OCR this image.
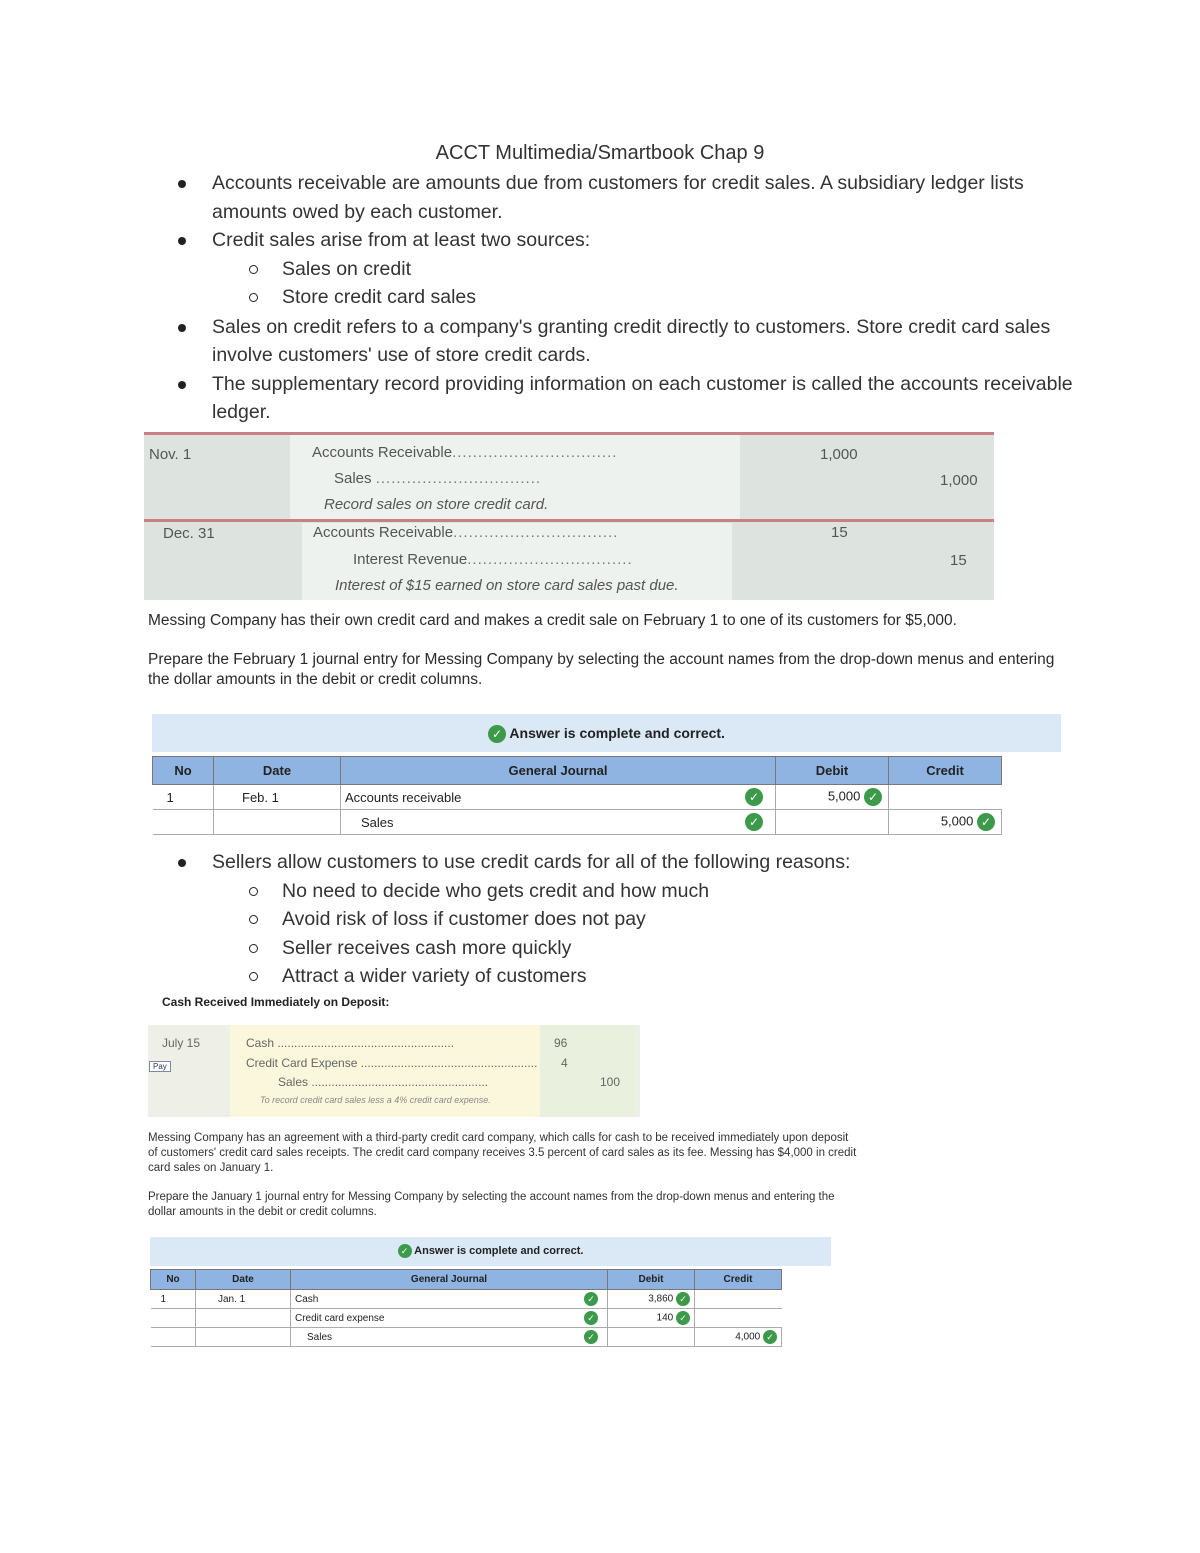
ACCT Multimedia/Smartbook Chap 9
Accounts receivable are amounts due from customers for credit sales. A subsidiary ledger lists amounts owed by each customer.
Credit sales arise from at least two sources:
Sales on credit
Store credit card sales
Sales on credit refers to a company's granting credit directly to customers. Store credit card sales involve customers' use of store credit cards.
The supplementary record providing information on each customer is called the accounts receivable ledger.
Nov. 1	Accounts Receivable................................	1,000
Sales ................................	1,000
Record sales on store credit card.
Dec. 31	Accounts Receivable................................	15
Interest Revenue................................	15
Interest of $15 earned on store card sales past due.
Messing Company has their own credit card and makes a credit sale on February 1 to one of its customers for $5,000.
Prepare the February 1 journal entry for Messing Company by selecting the account names from the drop-down menus and entering the dollar amounts in the debit or credit columns.
✓ Answer is complete and correct.
No	Date	General Journal		Debit	Credit
1	Feb. 1	Accounts receivable	✓	5,000 ✓	
		Sales	✓		5,000 ✓
Sellers allow customers to use credit cards for all of the following reasons:
No need to decide who gets credit and how much
Avoid risk of loss if customer does not pay
Seller receives cash more quickly
Attract a wider variety of customers
Cash Received Immediately on Deposit:
July 15
Pay
Cash .....................................................	96
Credit Card Expense ..................................................... 4
Sales .....................................................	100
To record credit card sales less a 4% credit card expense.
Messing Company has an agreement with a third-party credit card company, which calls for cash to be received immediately upon deposit of customers' credit card sales receipts. The credit card company receives 3.5 percent of card sales as its fee. Messing has $4,000 in credit card sales on January 1.
Prepare the January 1 journal entry for Messing Company by selecting the account names from the drop-down menus and entering the dollar amounts in the debit or credit columns.
✓ Answer is complete and correct.
No	Date	General Journal		Debit	Credit
1	Jan. 1	Cash	✓	3,860 ✓	
		Credit card expense	✓	140 ✓	
		Sales	✓		4,000 ✓
